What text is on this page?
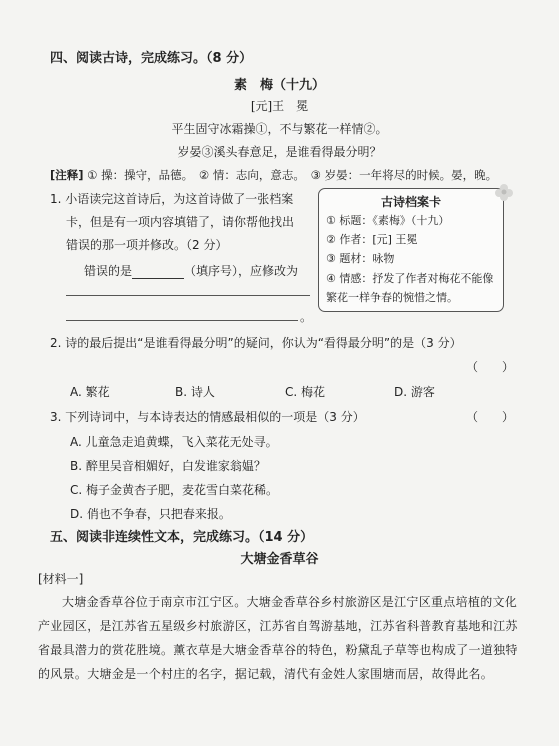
四、阅读古诗，完成练习。（8 分）
素　梅（十九）
[元]王　冕
平生固守冰霜操①，不与繁花一样情②。
岁晏③溪头春意足，是谁看得最分明？
[注释] ① 操：操守，品德。　② 情：志向，意志。　③ 岁晏：一年将尽的时候。晏，晚。
1. 小语读完这首诗后，为这首诗做了一张档案
卡，但是有一项内容填错了，请你帮他找出
错误的那一项并修改。（2 分）
错误的是	（填序号），应修改为
。
古诗档案卡
① 标题：《素梅》（十九）
② 作者：[元] 王冕
③ 题材：咏物
④ 情感：抒发了作者对梅花不能像
繁花一样争春的惋惜之情。
2. 诗的最后提出“是谁看得最分明”的疑问，你认为“看得最分明”的是（3 分）
（　　）
A. 繁花	B. 诗人	C. 梅花	D. 游客
3. 下列诗词中，与本诗表达的情感最相似的一项是（3 分）	（　　）
A. 儿童急走追黄蝶，飞入菜花无处寻。
B. 醉里吴音相媚好，白发谁家翁媪？
C. 梅子金黄杏子肥，麦花雪白菜花稀。
D. 俏也不争春，只把春来报。
五、阅读非连续性文本，完成练习。（14 分）
大塘金香草谷
[材料一]
大塘金香草谷位于南京市江宁区。大塘金香草谷乡村旅游区是江宁区重点培植的文化产业园区，是江苏省五星级乡村旅游区，江苏省自驾游基地，江苏省科普教育基地和江苏省最具潜力的赏花胜境。薰衣草是大塘金香草谷的特色，粉黛乱子草等也构成了一道独特的风景。大塘金是一个村庄的名字，据记载，清代有金姓人家围塘而居，故得此名。
